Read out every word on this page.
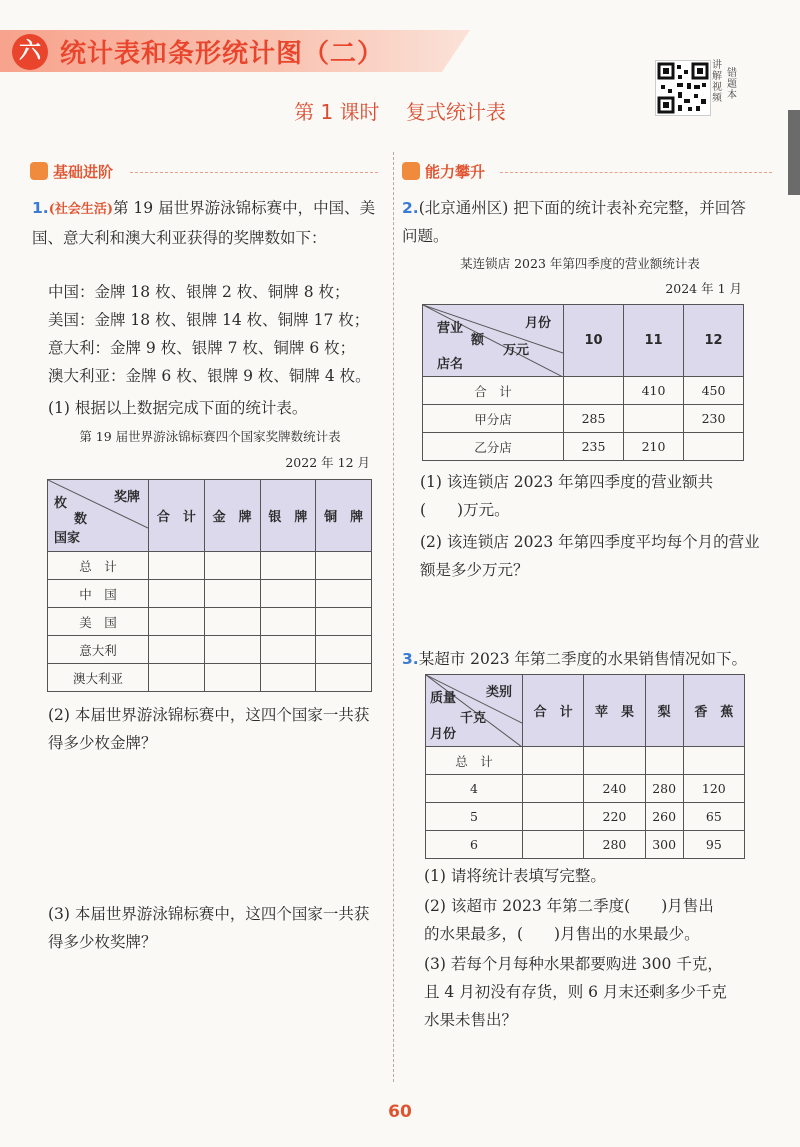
六 统计表和条形统计图（二）
第 1 课时 复式统计表
讲解视频
错题本
基础进阶
1.(社会生活)第 19 届世界游泳锦标赛中，中国、美国、意大利和澳大利亚获得的奖牌数如下：
中国：金牌 18 枚、银牌 2 枚、铜牌 8 枚；
美国：金牌 18 枚、银牌 14 枚、铜牌 17 枚；
意大利：金牌 9 枚、银牌 7 枚、铜牌 6 枚；
澳大利亚：金牌 6 枚、银牌 9 枚、铜牌 4 枚。
(1) 根据以上数据完成下面的统计表。
第 19 届世界游泳锦标赛四个国家奖牌数统计表
2022 年 12 月
奖牌
枚
数
国家	合　计	金　牌	银　牌	铜　牌
总　计				
中　国				
美　国				
意大利				
澳大利亚				
(2) 本届世界游泳锦标赛中，这四个国家一共获得多少枚金牌？
(3) 本届世界游泳锦标赛中，这四个国家一共获得多少枚奖牌？
能力攀升
2.(北京通州区) 把下面的统计表补充完整，并回答问题。
某连锁店 2023 年第四季度的营业额统计表
2024 年 1 月
月份
营业
额
万元
店名	10	11	12
合　计		410	450
甲分店	285		230
乙分店	235	210	
(1) 该连锁店 2023 年第四季度的营业额共
(　　)万元。
(2) 该连锁店 2023 年第四季度平均每个月的营业额是多少万元？
3.某超市 2023 年第二季度的水果销售情况如下。
类别
质量
千克
月份	合　计	苹　果	梨	香　蕉
总　计				
4		240	280	120
5		220	260	65
6		280	300	95
(1) 请将统计表填写完整。
(2) 该超市 2023 年第二季度(　　)月售出
的水果最多，(　　)月售出的水果最少。
(3) 若每个月每种水果都要购进 300 千克，
且 4 月初没有存货，则 6 月末还剩多少千克
水果未售出？
60
